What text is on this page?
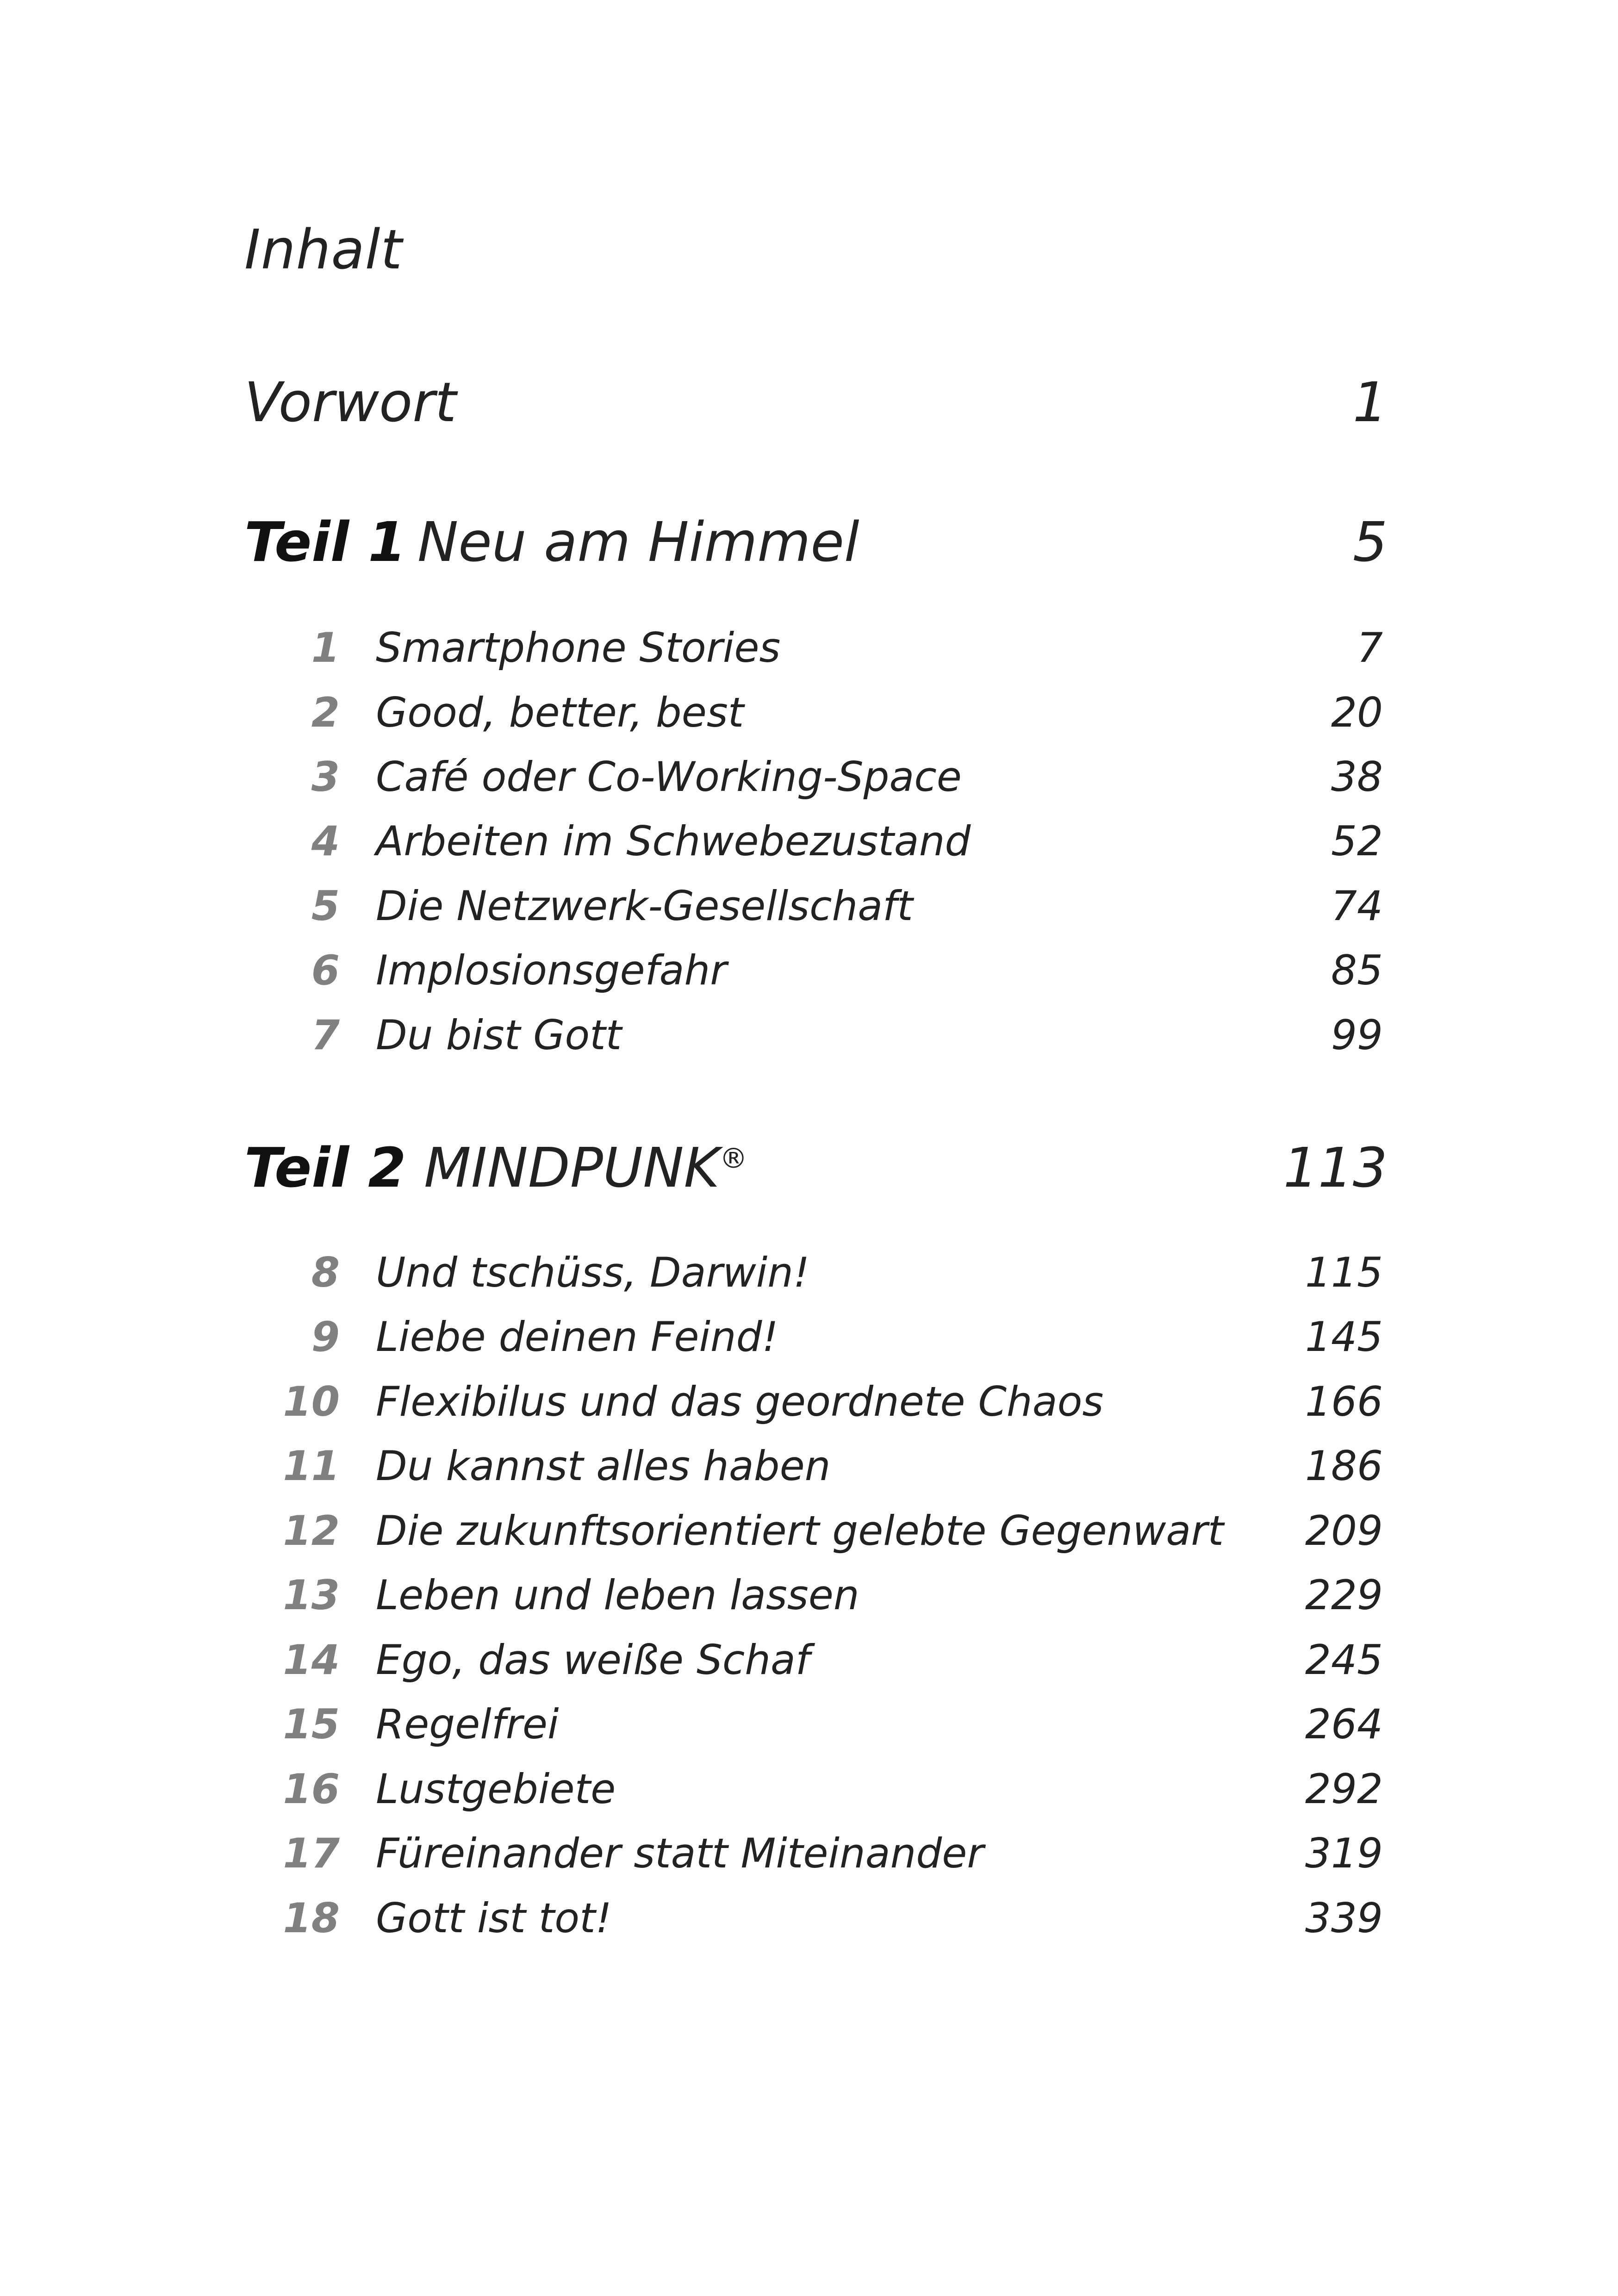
Inhalt
Vorwort	1
Teil 1 Neu am Himmel	5
1 Smartphone Stories	7
2 Good, better, best	20
3 Café oder Co-Working-Space	38
4 Arbeiten im Schwebezustand	52
5 Die Netzwerk-Gesellschaft	74
6 Implosionsgefahr	85
7 Du bist Gott	99
Teil 2 MINDPUNK®	113
8 Und tschüss, Darwin!	115
9 Liebe deinen Feind!	145
10 Flexibilus und das geordnete Chaos	166
11 Du kannst alles haben	186
12 Die zukunftsorientiert gelebte Gegenwart 209
13 Leben und leben lassen	229
14 Ego, das weiße Schaf	245
15 Regelfrei	264
16 Lustgebiete	292
17 Füreinander statt Miteinander	319
18 Gott ist tot!	339
